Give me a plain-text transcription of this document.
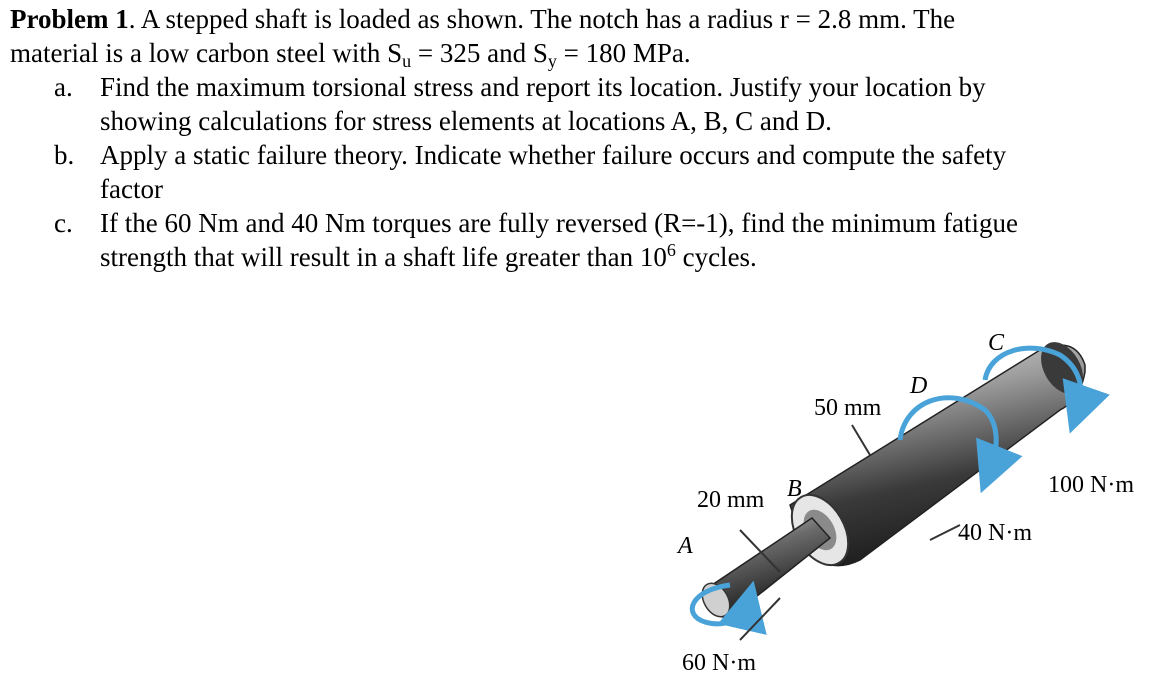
Problem 1. A stepped shaft is loaded as shown. The notch has a radius r = 2.8 mm. The
material is a low carbon steel with $S_u = 325$ and $S_y = 180$ MPa.
a. Find the maximum torsional stress and report its location. Justify your location by
showing calculations for stress elements at locations A, B, C and D.
b. Apply a static failure theory. Indicate whether failure occurs and compute the safety
factor
c. If the 60 Nm and 40 Nm torques are fully reversed (R=-1), find the minimum fatigue
strength that will result in a shaft life greater than $10^6$ cycles.
A
B
C
D
20 mm
50 mm
40 N·m
100 N·m
60 N·m
